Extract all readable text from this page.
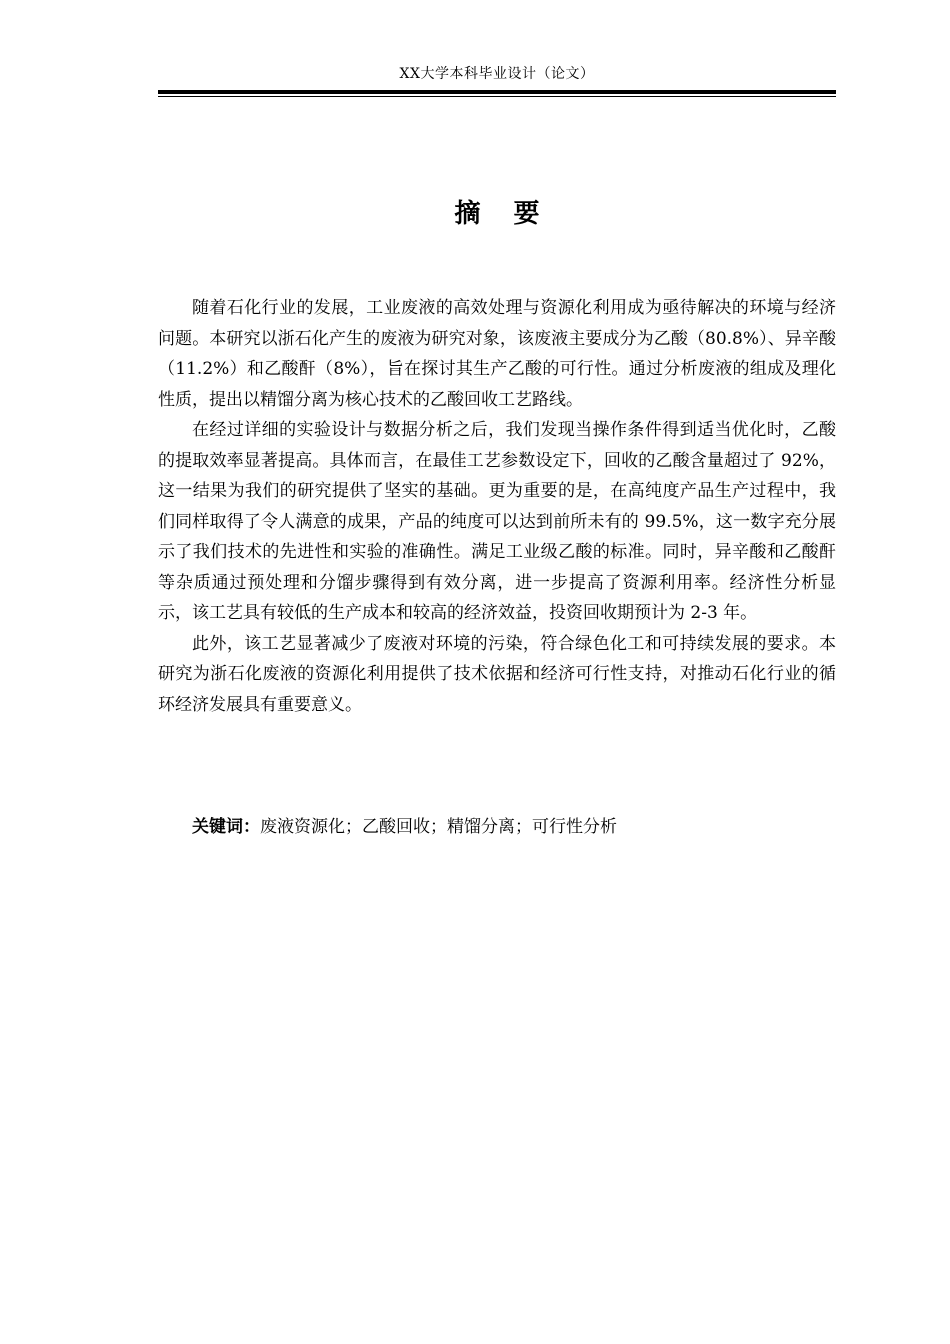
XX大学本科毕业设计（论文）
摘 要

随着石化行业的发展，工业废液的高效处理与资源化利用成为亟待解决的环境与经济问题。本研究以浙石化产生的废液为研究对象，该废液主要成分为乙酸（80.8%）、异辛酸（11.2%）和乙酸酐（8%），旨在探讨其生产乙酸的可行性。通过分析废液的组成及理化性质，提出以精馏分离为核心技术的乙酸回收工艺路线。

在经过详细的实验设计与数据分析之后，我们发现当操作条件得到适当优化时，乙酸的提取效率显著提高。具体而言，在最佳工艺参数设定下，回收的乙酸含量超过了 92%，这一结果为我们的研究提供了坚实的基础。更为重要的是，在高纯度产品生产过程中，我们同样取得了令人满意的成果，产品的纯度可以达到前所未有的 99.5%，这一数字充分展示了我们技术的先进性和实验的准确性。满足工业级乙酸的标准。同时，异辛酸和乙酸酐等杂质通过预处理和分馏步骤得到有效分离，进一步提高了资源利用率。经济性分析显示，该工艺具有较低的生产成本和较高的经济效益，投资回收期预计为 2-3 年。

此外，该工艺显著减少了废液对环境的污染，符合绿色化工和可持续发展的要求。本研究为浙石化废液的资源化利用提供了技术依据和经济可行性支持，对推动石化行业的循环经济发展具有重要意义。

关键词：废液资源化；乙酸回收；精馏分离；可行性分析
